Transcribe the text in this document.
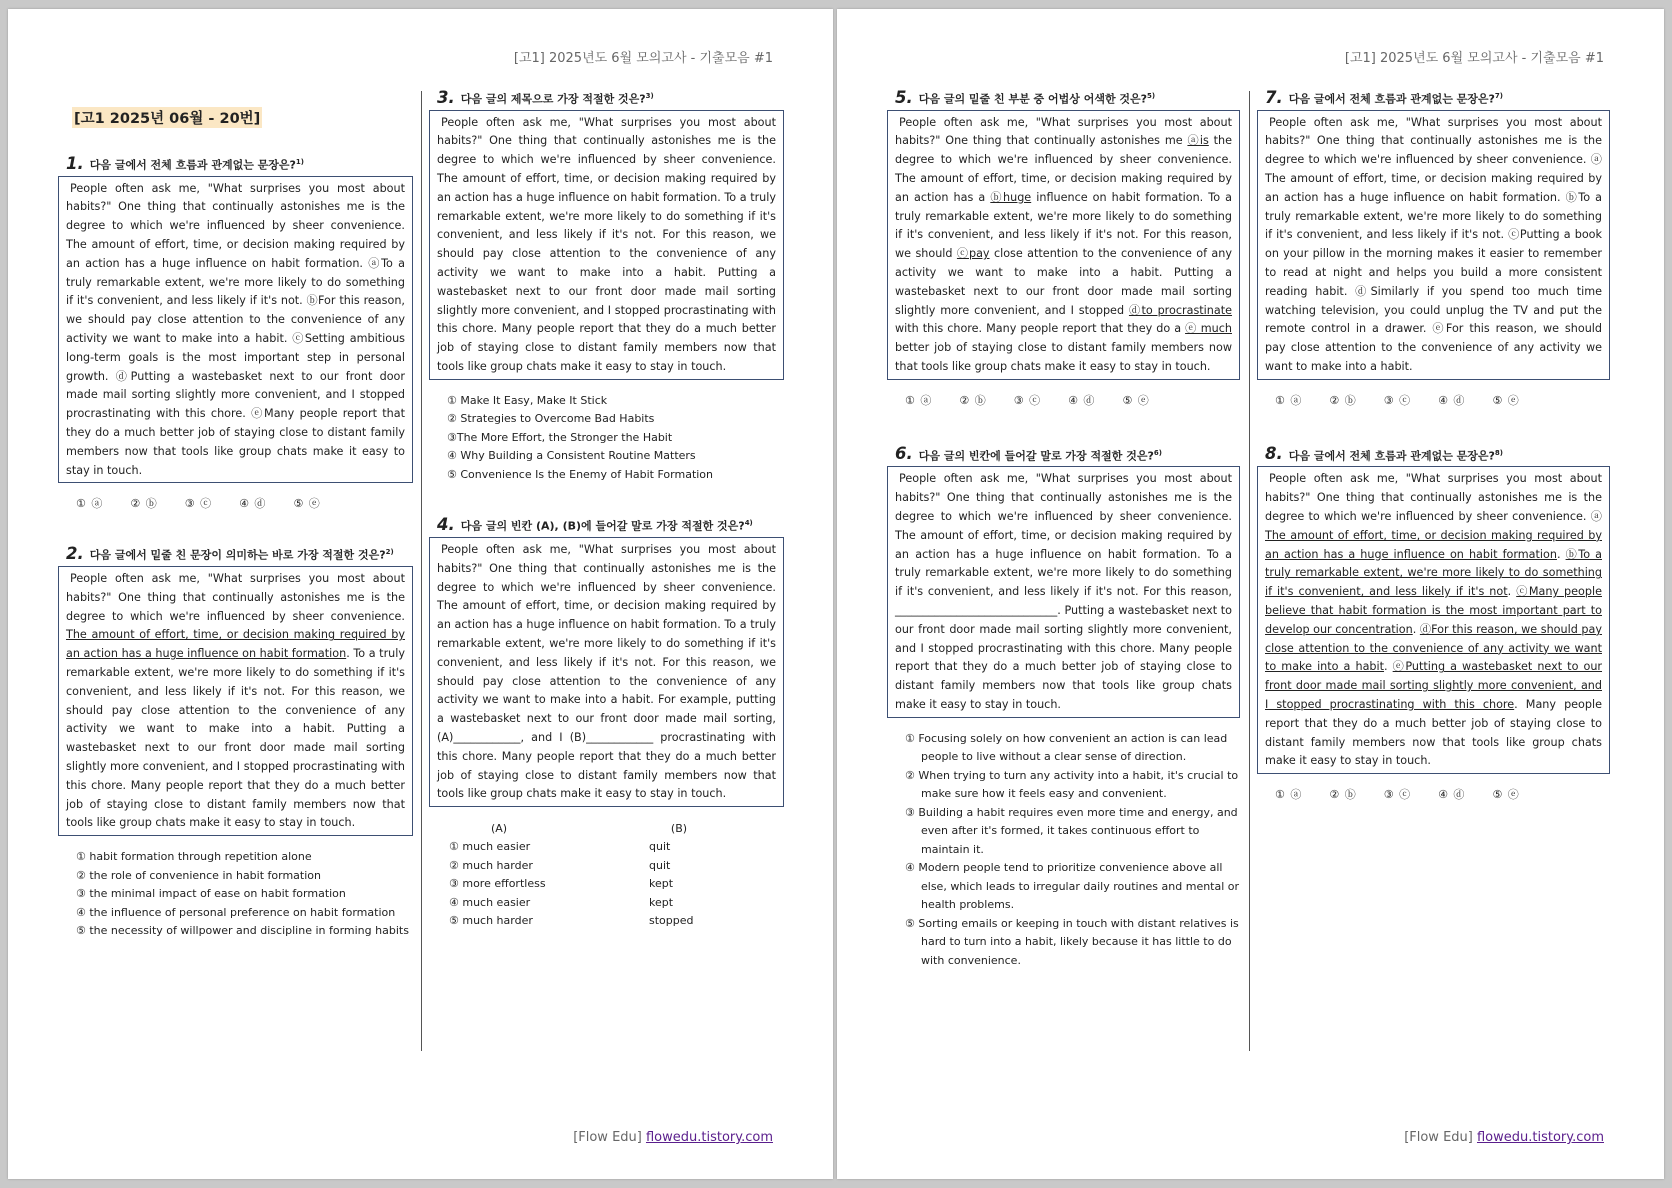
[고1] 2025년도 6월 모의고사 - 기출모음 #1
[고1 2025년 06월 - 20번]
1. 다음 글에서 전체 흐름과 관계없는 문장은?$^{1)}$
People often ask me, "What surprises you most about habits?" One thing that continually astonishes me is the degree to which we're influenced by sheer convenience. The amount of effort, time, or decision making required by an action has a huge influence on habit formation. ⓐTo a truly remarkable extent, we're more likely to do something if it's convenient, and less likely if it's not. ⓑFor this reason, we should pay close attention to the convenience of any activity we want to make into a habit. ⓒSetting ambitious long-term goals is the most important step in personal growth. ⓓPutting a wastebasket next to our front door made mail sorting slightly more convenient, and I stopped procrastinating with this chore. ⓔMany people report that they do a much better job of staying close to distant family members now that tools like group chats make it easy to stay in touch.
① ⓐ	② ⓑ	③ ⓒ	④ ⓓ	⑤ ⓔ
2. 다음 글에서 밑줄 친 문장이 의미하는 바로 가장 적절한 것은?$^{2)}$
People often ask me, "What surprises you most about habits?" One thing that continually astonishes me is the degree to which we're influenced by sheer convenience. The amount of effort, time, or decision making required by an action has a huge influence on habit formation. To a truly remarkable extent, we're more likely to do something if it's convenient, and less likely if it's not. For this reason, we should pay close attention to the convenience of any activity we want to make into a habit. Putting a wastebasket next to our front door made mail sorting slightly more convenient, and I stopped procrastinating with this chore. Many people report that they do a much better job of staying close to distant family members now that tools like group chats make it easy to stay in touch.
① habit formation through repetition alone
② the role of convenience in habit formation
③ the minimal impact of ease on habit formation
④ the influence of personal preference on habit formation
⑤ the necessity of willpower and discipline in forming habits
3. 다음 글의 제목으로 가장 적절한 것은?$^{3)}$
People often ask me, "What surprises you most about habits?" One thing that continually astonishes me is the degree to which we're influenced by sheer convenience. The amount of effort, time, or decision making required by an action has a huge influence on habit formation. To a truly remarkable extent, we're more likely to do something if it's convenient, and less likely if it's not. For this reason, we should pay close attention to the convenience of any activity we want to make into a habit. Putting a wastebasket next to our front door made mail sorting slightly more convenient, and I stopped procrastinating with this chore. Many people report that they do a much better job of staying close to distant family members now that tools like group chats make it easy to stay in touch.
① Make It Easy, Make It Stick
② Strategies to Overcome Bad Habits
③The More Effort, the Stronger the Habit
④ Why Building a Consistent Routine Matters
⑤ Convenience Is the Enemy of Habit Formation
4. 다음 글의 빈칸 (A), (B)에 들어갈 말로 가장 적절한 것은?$^{4)}$
People often ask me, "What surprises you most about habits?" One thing that continually astonishes me is the degree to which we're influenced by sheer convenience. The amount of effort, time, or decision making required by an action has a huge influence on habit formation. To a truly remarkable extent, we're more likely to do something if it's convenient, and less likely if it's not. For this reason, we should pay close attention to the convenience of any activity we want to make into a habit. For example, putting a wastebasket next to our front door made mail sorting, (A)____________, and I (B)____________ procrastinating with this chore. Many people report that they do a much better job of staying close to distant family members now that tools like group chats make it easy to stay in touch.
(A)		(B)
① much easier		quit
② much harder		quit
③ more effortless		kept
④ much easier		kept
⑤ much harder		stopped
[Flow Edu] flowedu.tistory.com
[고1] 2025년도 6월 모의고사 - 기출모음 #1
5. 다음 글의 밑줄 친 부분 중 어법상 어색한 것은?$^{5)}$
People often ask me, "What surprises you most about habits?" One thing that continually astonishes me ⓐis the degree to which we're influenced by sheer convenience. The amount of effort, time, or decision making required by an action has a ⓑhuge influence on habit formation. To a truly remarkable extent, we're more likely to do something if it's convenient, and less likely if it's not. For this reason, we should ⓒpay close attention to the convenience of any activity we want to make into a habit. Putting a wastebasket next to our front door made mail sorting slightly more convenient, and I stopped ⓓto procrastinate with this chore. Many people report that they do a ⓔ much better job of staying close to distant family members now that tools like group chats make it easy to stay in touch.
① ⓐ	② ⓑ	③ ⓒ	④ ⓓ	⑤ ⓔ
6. 다음 글의 빈칸에 들어갈 말로 가장 적절한 것은?$^{6)}$
People often ask me, "What surprises you most about habits?" One thing that continually astonishes me is the degree to which we're influenced by sheer convenience. The amount of effort, time, or decision making required by an action has a huge influence on habit formation. To a truly remarkable extent, we're more likely to do something if it's convenient, and less likely if it's not. For this reason, _____________________________. Putting a wastebasket next to our front door made mail sorting slightly more convenient, and I stopped procrastinating with this chore. Many people report that they do a much better job of staying close to distant family members now that tools like group chats make it easy to stay in touch.
① Focusing solely on how convenient an action is can lead people to live without a clear sense of direction.
② When trying to turn any activity into a habit, it's crucial to make sure how it feels easy and convenient.
③ Building a habit requires even more time and energy, and even after it's formed, it takes continuous effort to maintain it.
④ Modern people tend to prioritize convenience above all else, which leads to irregular daily routines and mental or health problems.
⑤ Sorting emails or keeping in touch with distant relatives is hard to turn into a habit, likely because it has little to do with convenience.
7. 다음 글에서 전체 흐름과 관계없는 문장은?$^{7)}$
People often ask me, "What surprises you most about habits?" One thing that continually astonishes me is the degree to which we're influenced by sheer convenience. ⓐ The amount of effort, time, or decision making required by an action has a huge influence on habit formation. ⓑTo a truly remarkable extent, we're more likely to do something if it's convenient, and less likely if it's not. ⓒPutting a book on your pillow in the morning makes it easier to remember to read at night and helps you build a more consistent reading habit. ⓓSimilarly if you spend too much time watching television, you could unplug the TV and put the remote control in a drawer. ⓔFor this reason, we should pay close attention to the convenience of any activity we want to make into a habit.
① ⓐ	② ⓑ	③ ⓒ	④ ⓓ	⑤ ⓔ
8. 다음 글에서 전체 흐름과 관계없는 문장은?$^{8)}$
People often ask me, "What surprises you most about habits?" One thing that continually astonishes me is the degree to which we're influenced by sheer convenience. ⓐ The amount of effort, time, or decision making required by an action has a huge influence on habit formation. ⓑTo a truly remarkable extent, we're more likely to do something if it's convenient, and less likely if it's not. ⓒMany people believe that habit formation is the most important part to develop our concentration. ⓓFor this reason, we should pay close attention to the convenience of any activity we want to make into a habit. ⓔPutting a wastebasket next to our front door made mail sorting slightly more convenient, and I stopped procrastinating with this chore. Many people report that they do a much better job of staying close to distant family members now that tools like group chats make it easy to stay in touch.
① ⓐ	② ⓑ	③ ⓒ	④ ⓓ	⑤ ⓔ
[Flow Edu] flowedu.tistory.com
